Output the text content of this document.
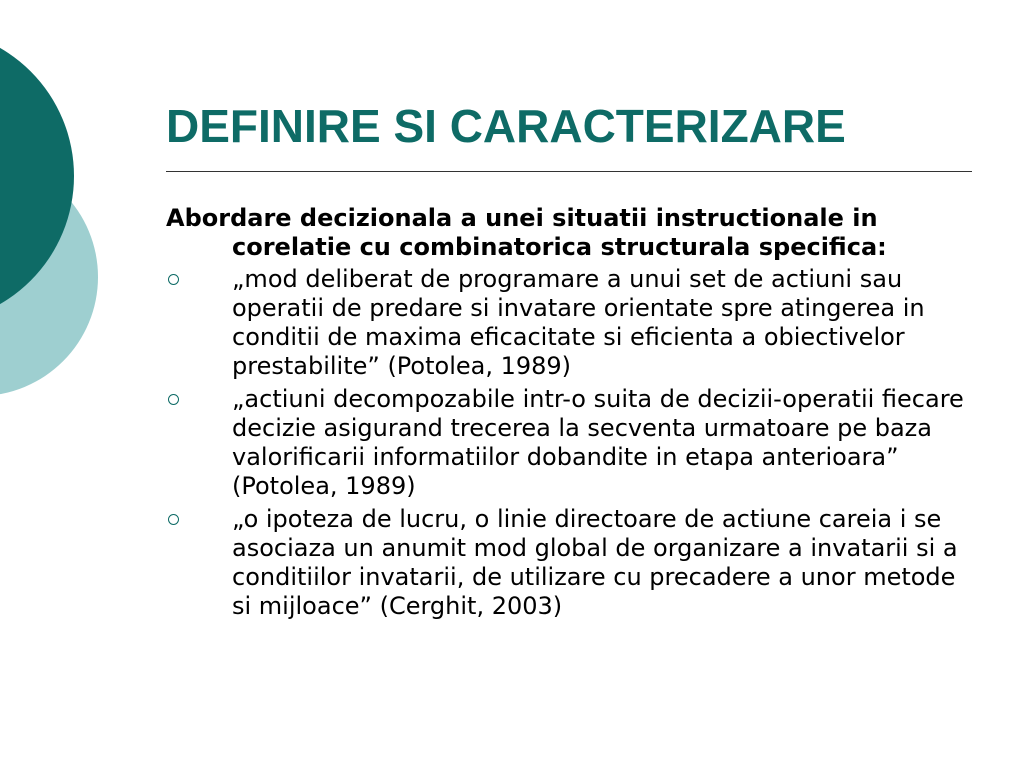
DEFINIRE SI CARACTERIZARE

Abordare decizionala a unei situatii instructionale in corelatie cu combinatorica structurala specifica:

„mod deliberat de programare a unui set de actiuni sau operatii de predare si invatare orientate spre atingerea in conditii de maxima eficacitate si eficienta a obiectivelor prestabilite” (Potolea, 1989)
„actiuni decompozabile intr-o suita de decizii-operatii fiecare decizie asigurand trecerea la secventa urmatoare pe baza valorificarii informatiilor dobandite in etapa anterioara” (Potolea, 1989)
„o ipoteza de lucru, o linie directoare de actiune careia i se asociaza un anumit mod global de organizare a invatarii si a conditiilor invatarii, de utilizare cu precadere a unor metode si mijloace” (Cerghit, 2003)
